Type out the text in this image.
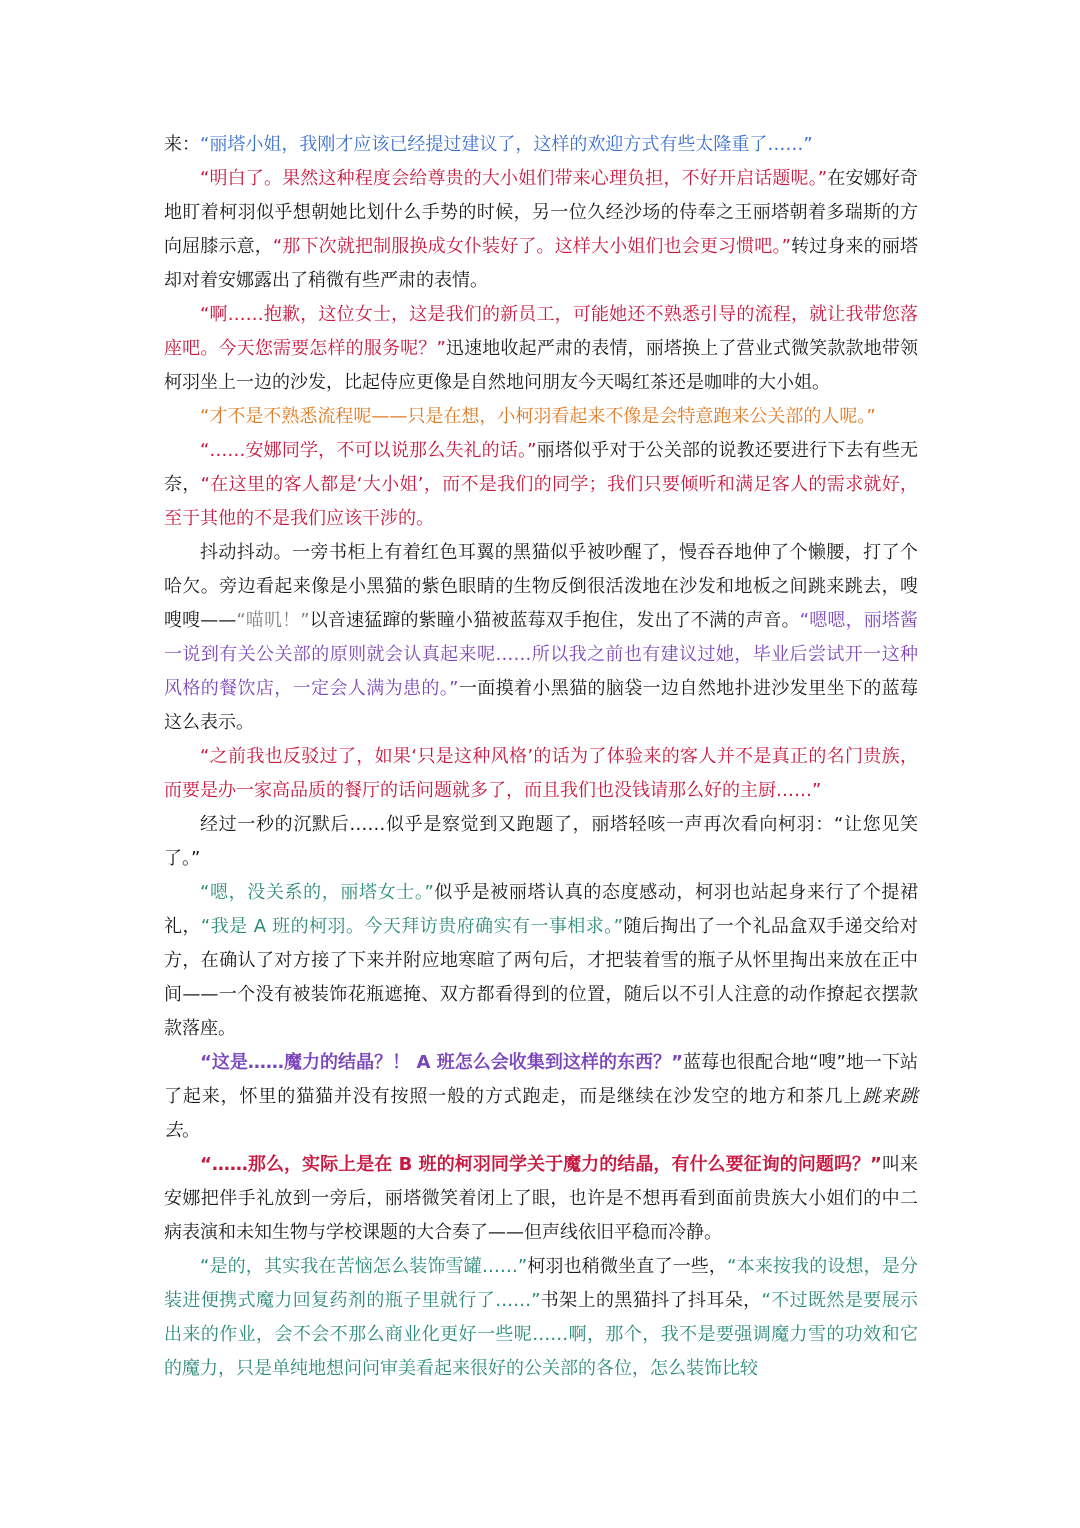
来：“丽塔小姐，我刚才应该已经提过建议了，这样的欢迎方式有些太隆重了……”

“明白了。果然这种程度会给尊贵的大小姐们带来心理负担，不好开启话题呢。”在安娜好奇地盯着柯羽似乎想朝她比划什么手势的时候，另一位久经沙场的侍奉之王丽塔朝着多瑞斯的方向屈膝示意，“那下次就把制服换成女仆装好了。这样大小姐们也会更习惯吧。”转过身来的丽塔却对着安娜露出了稍微有些严肃的表情。

“啊……抱歉，这位女士，这是我们的新员工，可能她还不熟悉引导的流程，就让我带您落座吧。今天您需要怎样的服务呢？”迅速地收起严肃的表情，丽塔换上了营业式微笑款款地带领柯羽坐上一边的沙发，比起侍应更像是自然地问朋友今天喝红茶还是咖啡的大小姐。

“才不是不熟悉流程呢——只是在想，小柯羽看起来不像是会特意跑来公关部的人呢。”

“……安娜同学，不可以说那么失礼的话。”丽塔似乎对于公关部的说教还要进行下去有些无奈，“在这里的客人都是‘大小姐’，而不是我们的同学；我们只要倾听和满足客人的需求就好，至于其他的不是我们应该干涉的。

抖动抖动。一旁书柜上有着红色耳翼的黑猫似乎被吵醒了，慢吞吞地伸了个懒腰，打了个哈欠。旁边看起来像是小黑猫的紫色眼睛的生物反倒很活泼地在沙发和地板之间跳来跳去，嗖嗖嗖——“喵叽！”以音速猛蹿的紫瞳小猫被蓝莓双手抱住，发出了不满的声音。“嗯嗯，丽塔酱一说到有关公关部的原则就会认真起来呢……所以我之前也有建议过她，毕业后尝试开一这种风格的餐饮店，一定会人满为患的。”一面摸着小黑猫的脑袋一边自然地扑进沙发里坐下的蓝莓这么表示。

“之前我也反驳过了，如果‘只是这种风格’的话为了体验来的客人并不是真正的名门贵族，而要是办一家高品质的餐厅的话问题就多了，而且我们也没钱请那么好的主厨……”

经过一秒的沉默后……似乎是察觉到又跑题了，丽塔轻咳一声再次看向柯羽：“让您见笑了。”

“嗯，没关系的，丽塔女士。”似乎是被丽塔认真的态度感动，柯羽也站起身来行了个提裙礼，“我是 A 班的柯羽。今天拜访贵府确实有一事相求。”随后掏出了一个礼品盒双手递交给对方，在确认了对方接了下来并附应地寒暄了两句后，才把装着雪的瓶子从怀里掏出来放在正中间——一个没有被装饰花瓶遮掩、双方都看得到的位置，随后以不引人注意的动作撩起衣摆款款落座。

“这是……魔力的结晶？！ A 班怎么会收集到这样的东西？”蓝莓也很配合地“嗖”地一下站了起来，怀里的猫猫并没有按照一般的方式跑走，而是继续在沙发空的地方和茶几上跳来跳去。

“……那么，实际上是在 B 班的柯羽同学关于魔力的结晶，有什么要征询的问题吗？”叫来安娜把伴手礼放到一旁后，丽塔微笑着闭上了眼，也许是不想再看到面前贵族大小姐们的中二病表演和未知生物与学校课题的大合奏了——但声线依旧平稳而冷静。

“是的，其实我在苦恼怎么装饰雪罐……”柯羽也稍微坐直了一些，“本来按我的设想，是分装进便携式魔力回复药剂的瓶子里就行了……”书架上的黑猫抖了抖耳朵，“不过既然是要展示出来的作业，会不会不那么商业化更好一些呢……啊，那个，我不是要强调魔力雪的功效和它的魔力，只是单纯地想问问审美看起来很好的公关部的各位，怎么装饰比较
